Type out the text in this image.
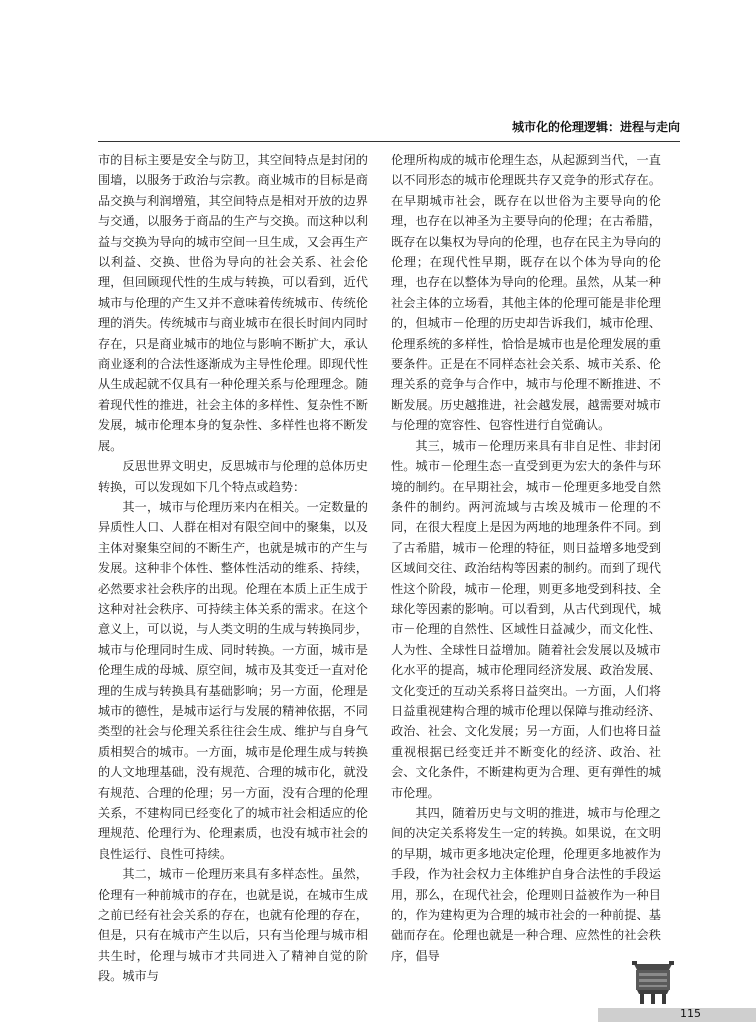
城市化的伦理逻辑：进程与走向

市的目标主要是安全与防卫，其空间特点是封闭的围墙，以服务于政治与宗教。商业城市的目标是商品交换与利润增殖，其空间特点是相对开放的边界与交通，以服务于商品的生产与交换。而这种以利益与交换为导向的城市空间一旦生成，又会再生产以利益、交换、世俗为导向的社会关系、社会伦理，但回顾现代性的生成与转换，可以看到，近代城市与伦理的产生又并不意味着传统城市、传统伦理的消失。传统城市与商业城市在很长时间内同时存在，只是商业城市的地位与影响不断扩大，承认商业逐利的合法性逐渐成为主导性伦理。即现代性从生成起就不仅具有一种伦理关系与伦理理念。随着现代性的推进，社会主体的多样性、复杂性不断发展，城市伦理本身的复杂性、多样性也将不断发展。

反思世界文明史，反思城市与伦理的总体历史转换，可以发现如下几个特点或趋势：

其一，城市与伦理历来内在相关。一定数量的异质性人口、人群在相对有限空间中的聚集，以及主体对聚集空间的不断生产，也就是城市的产生与发展。这种非个体性、整体性活动的维系、持续，必然要求社会秩序的出现。伦理在本质上正生成于这种对社会秩序、可持续主体关系的需求。在这个意义上，可以说，与人类文明的生成与转换同步，城市与伦理同时生成、同时转换。一方面，城市是伦理生成的母城、原空间，城市及其变迁一直对伦理的生成与转换具有基础影响；另一方面，伦理是城市的德性，是城市运行与发展的精神依据，不同类型的社会与伦理关系往往会生成、维护与自身气质相契合的城市。一方面，城市是伦理生成与转换的人文地理基础，没有规范、合理的城市化，就没有规范、合理的伦理；另一方面，没有合理的伦理关系，不建构同已经变化了的城市社会相适应的伦理规范、伦理行为、伦理素质，也没有城市社会的良性运行、良性可持续。

其二，城市－伦理历来具有多样态性。虽然，伦理有一种前城市的存在，也就是说，在城市生成之前已经有社会关系的存在，也就有伦理的存在，但是，只有在城市产生以后，只有当伦理与城市相共生时，伦理与城市才共同进入了精神自觉的阶段。城市与

伦理所构成的城市伦理生态，从起源到当代，一直以不同形态的城市伦理既共存又竞争的形式存在。在早期城市社会，既存在以世俗为主要导向的伦理，也存在以神圣为主要导向的伦理；在古希腊，既存在以集权为导向的伦理，也存在民主为导向的伦理；在现代性早期，既存在以个体为导向的伦理，也存在以整体为导向的伦理。虽然，从某一种社会主体的立场看，其他主体的伦理可能是非伦理的，但城市－伦理的历史却告诉我们，城市伦理、伦理系统的多样性，恰恰是城市也是伦理发展的重要条件。正是在不同样态社会关系、城市关系、伦理关系的竞争与合作中，城市与伦理不断推进、不断发展。历史越推进，社会越发展，越需要对城市与伦理的宽容性、包容性进行自觉确认。

其三，城市－伦理历来具有非自足性、非封闭性。城市－伦理生态一直受到更为宏大的条件与环境的制约。在早期社会，城市－伦理更多地受自然条件的制约。两河流域与古埃及城市－伦理的不同，在很大程度上是因为两地的地理条件不同。到了古希腊，城市－伦理的特征，则日益增多地受到区域间交往、政治结构等因素的制约。而到了现代性这个阶段，城市－伦理，则更多地受到科技、全球化等因素的影响。可以看到，从古代到现代，城市－伦理的自然性、区域性日益减少，而文化性、人为性、全球性日益增加。随着社会发展以及城市化水平的提高，城市伦理同经济发展、政治发展、文化变迁的互动关系将日益突出。一方面，人们将日益重视建构合理的城市伦理以保障与推动经济、政治、社会、文化发展；另一方面，人们也将日益重视根据已经变迁并不断变化的经济、政治、社会、文化条件，不断建构更为合理、更有弹性的城市伦理。

其四，随着历史与文明的推进，城市与伦理之间的决定关系将发生一定的转换。如果说，在文明的早期，城市更多地决定伦理，伦理更多地被作为手段，作为社会权力主体维护自身合法性的手段运用，那么，在现代社会，伦理则日益被作为一种目的，作为建构更为合理的城市社会的一种前提、基础而存在。伦理也就是一种合理、应然性的社会秩序，倡导

115
